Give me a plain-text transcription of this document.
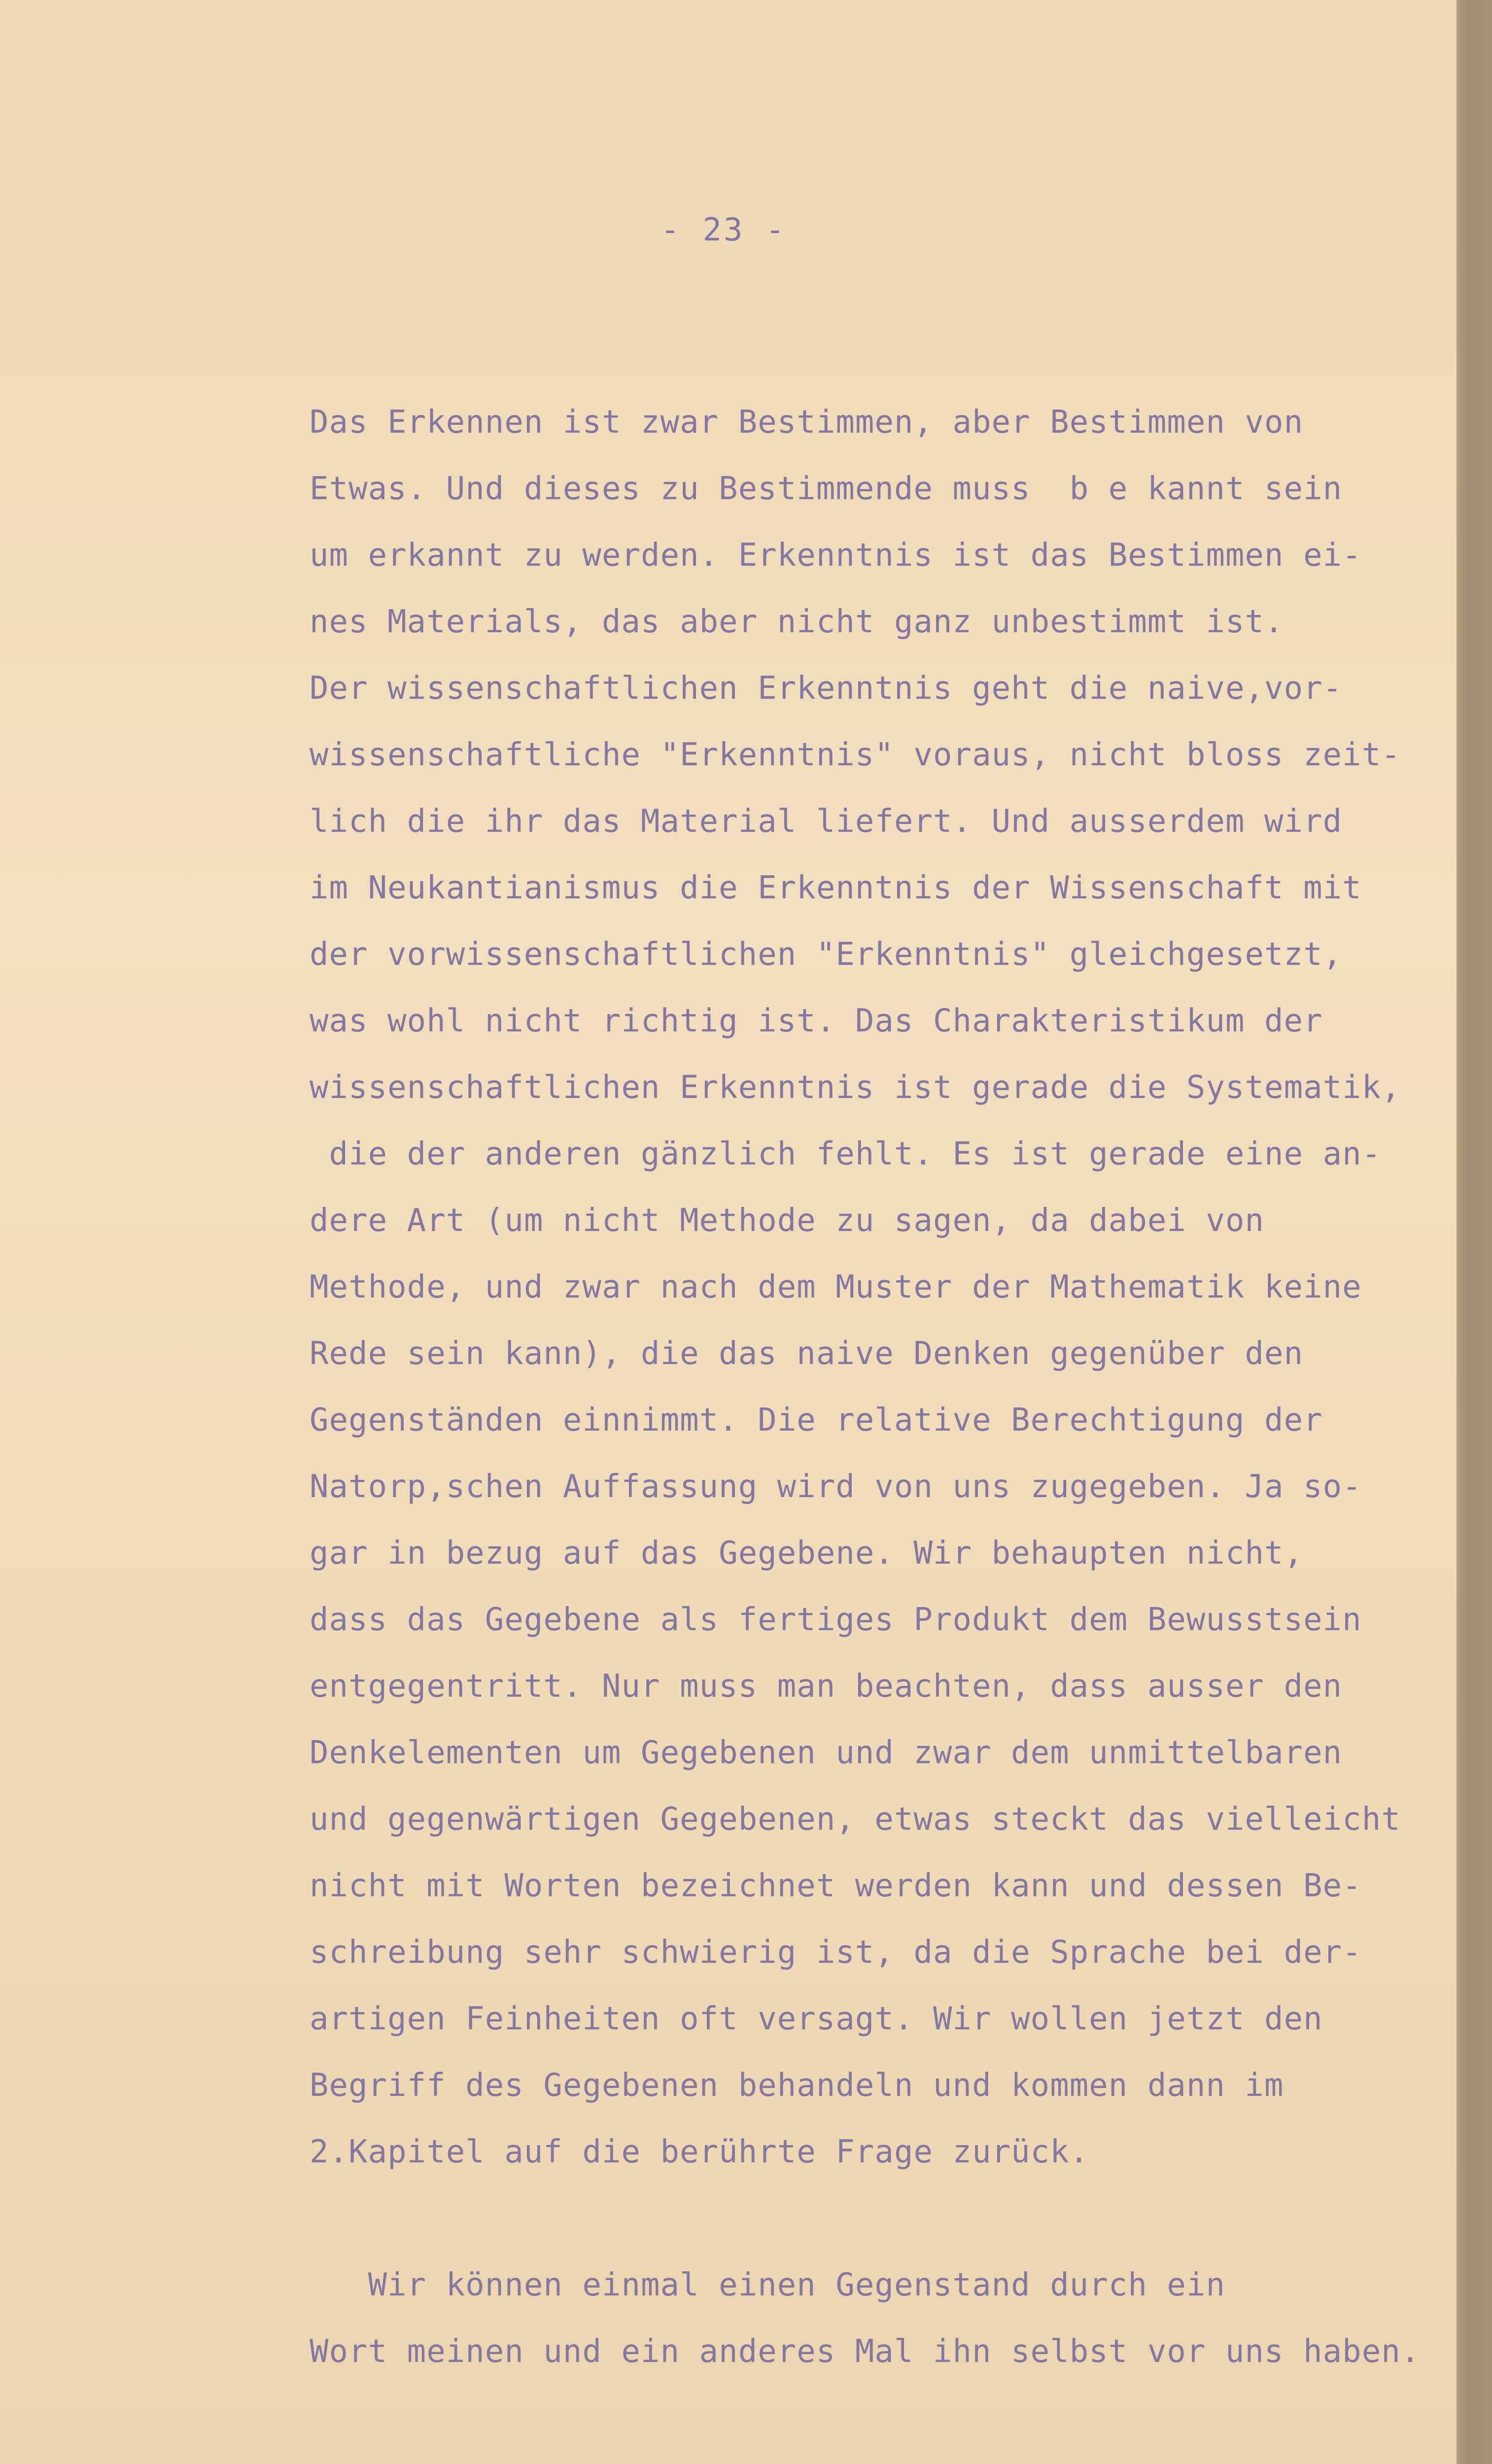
- 23 -
Das Erkennen ist zwar Bestimmen, aber Bestimmen von
Etwas. Und dieses zu Bestimmende muss  b e kannt sein
um erkannt zu werden. Erkenntnis ist das Bestimmen ei-
nes Materials, das aber nicht ganz unbestimmt ist.
Der wissenschaftlichen Erkenntnis geht die naive,vor-
wissenschaftliche "Erkenntnis" voraus, nicht bloss zeit-
lich die ihr das Material liefert. Und ausserdem wird
im Neukantianismus die Erkenntnis der Wissenschaft mit
der vorwissenschaftlichen "Erkenntnis" gleichgesetzt,
was wohl nicht richtig ist. Das Charakteristikum der
wissenschaftlichen Erkenntnis ist gerade die Systematik,
die der anderen gänzlich fehlt. Es ist gerade eine an-
dere Art (um nicht Methode zu sagen, da dabei von
Methode, und zwar nach dem Muster der Mathematik keine
Rede sein kann), die das naive Denken gegenüber den
Gegenständen einnimmt. Die relative Berechtigung der
Natorp,schen Auffassung wird von uns zugegeben. Ja so-
gar in bezug auf das Gegebene. Wir behaupten nicht,
dass das Gegebene als fertiges Produkt dem Bewusstsein
entgegentritt. Nur muss man beachten, dass ausser den
Denkelementen um Gegebenen und zwar dem unmittelbaren
und gegenwärtigen Gegebenen, etwas steckt das vielleicht
nicht mit Worten bezeichnet werden kann und dessen Be-
schreibung sehr schwierig ist, da die Sprache bei der-
artigen Feinheiten oft versagt. Wir wollen jetzt den
Begriff des Gegebenen behandeln und kommen dann im
2.Kapitel auf die berührte Frage zurück.
Wir können einmal einen Gegenstand durch ein
Wort meinen und ein anderes Mal ihn selbst vor uns haben.
